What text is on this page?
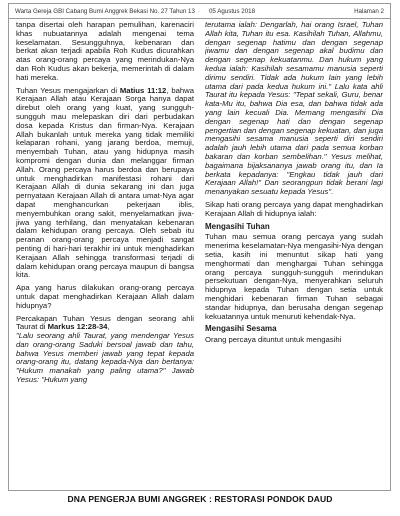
Warta Gereja GBI Cabang Bumi Anggrek Bekasi No. 27 Tahun 13 · 05 Agustus 2018	Halaman 2

tanpa disertai oleh harapan pemulihan, karenaciri khas nubuatannya adalah mengenai tema keselamatan. Sesungguhnya, kebenaran dan berkat akan terjadi apabila Roh Kudus dicurahkan atas orang-orang percaya yang merindukan-Nya dan Roh Kudus akan bekerja, memerintah di dalam hati mereka.

Tuhan Yesus mengajarkan di Matius 11:12, bahwa Kerajaan Allah atau Kerajaan Sorga hanya dapat direbut oleh orang yang kuat, yang sungguh-sungguh mau melepaskan diri dari perbudakan dosa kepada Kristus dan firman-Nya. Kerajaan Allah bukanlah untuk mereka yang tidak memiliki kelaparan rohani, yang jarang berdoa, memuji, menyembah Tuhan, atau yang hidupnya masih kompromi dengan dunia dan melanggar firman Allah. Orang percaya harus berdoa dan berupaya untuk menghadirkan manifestasi rohani dari Kerajaan Allah di dunia sekarang ini dan juga pernyataan Kerajaan Allah di antara umat-Nya agar dapat menghancurkan pekerjaan iblis, menyembuhkan orang sakit, menyelamatkan jiwa-jiwa yang terhilang, dan menyatakan kebenaran dalam kehidupan orang percaya. Oleh sebab itu peranan orang-orang percaya menjadi sangat penting di hari-hari terakhir ini untuk menghadirkan Kerajaan Allah sehingga transformasi terjadi di dalam kehidupan orang percaya maupun di bangsa kita.

Apa yang harus dilakukan orang-orang percaya untuk dapat menghadirkan Kerajaan Allah dalam hidupnya?

Percakapan Tuhan Yesus dengan seorang ahli Taurat di Markus 12:28-34,

"Lalu seorang ahli Taurat, yang mendengar Yesus dan orang-orang Saduki bersoal jawab dan tahu, bahwa Yesus memberi jawab yang tepat kepada orang-orang itu, datang kepada-Nya dan bertanya: "Hukum manakah yang paling utama?" Jawab Yesus: "Hukum yang

terutama ialah: Dengarlah, hai orang Israel, Tuhan Allah kita, Tuhan itu esa. Kasihilah Tuhan, Allahmu, dengan segenap hatimu dan dengan segenap jiwamu dan dengan segenap akal budimu dan dengan segenap kekuatanmu. Dan hukum yang kedua ialah: Kasihilah sesamamu manusia seperti dirimu sendiri. Tidak ada hukum lain yang lebih utama dari pada kedua hukum ini." Lalu kata ahli Taurat itu kepada Yesus: "Tepat sekali, Guru, benar kata-Mu itu, bahwa Dia esa, dan bahwa tidak ada yang lain kecuali Dia. Memang mengasihi Dia dengan segenap hati dan dengan segenap pengertian dan dengan segenap kekuatan, dan juga mengasihi sesama manusia seperti diri sendiri adalah jauh lebih utama dari pada semua korban bakaran dan korban sembelihan." Yesus melihat, bagaimana bijaksananya jawab orang itu, dan Ia berkata kepadanya: "Engkau tidak jauh dari Kerajaan Allah!" Dan seorangpun tidak berani lagi menanyakan sesuatu kepada Yesus".

Sikap hati orang percaya yang dapat menghadirkan Kerajaan Allah di hidupnya ialah:

Mengasihi Tuhan

Tuhan mau semua orang percaya yang sudah menerima keselamatan-Nya mengasihi-Nya dengan setia, kasih ini menuntut sikap hati yang menghormati dan menghargai Tuhan sehingga orang percaya sungguh-sungguh merindukan persekutuan dengan-Nya, menyerahkan seluruh hidupnya kepada Tuhan dengan setia untuk menghidari kebenaran firman Tuhan sebagai standar hidupnya, dan berusaha dengan segenap kekuatannya untuk menuruti kehendak-Nya.

Mengasihi Sesama

Orang percaya dituntut untuk mengasihi

DNA PENGERJA BUMI ANGGREK : RESTORASI PONDOK DAUD
